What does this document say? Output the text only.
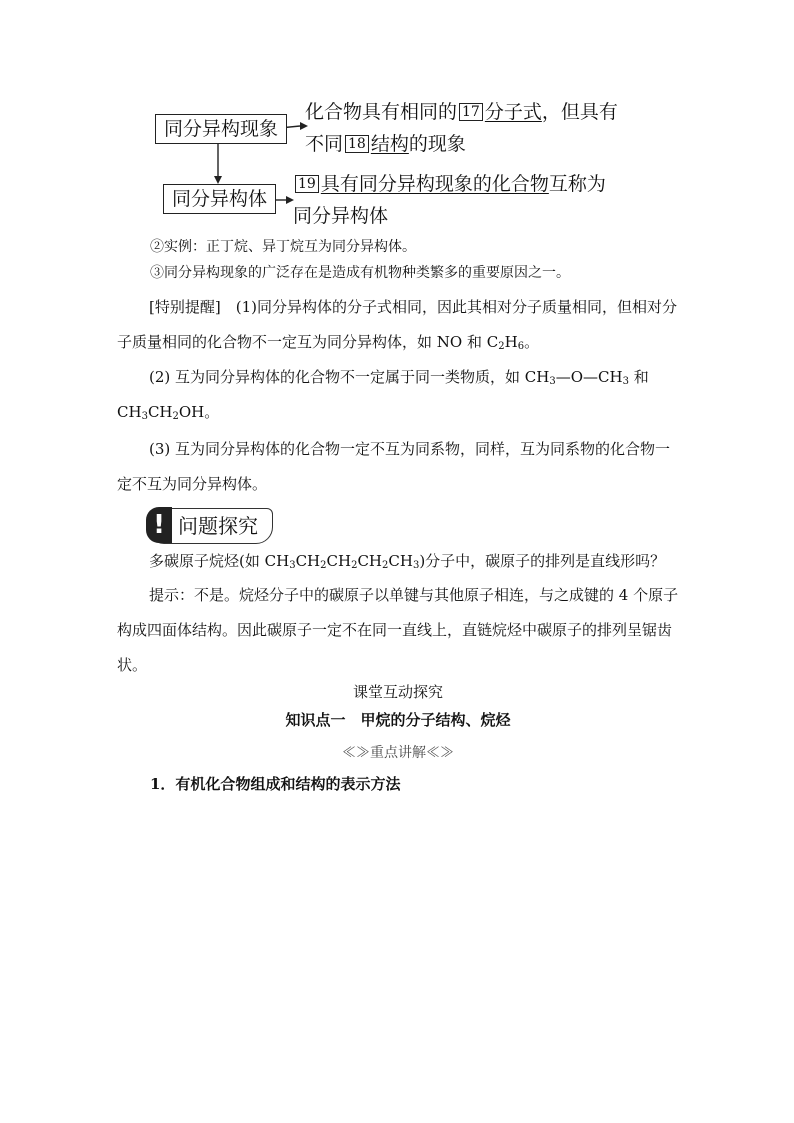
同分异构现象
同分异构体
化合物具有相同的 17 分子式，但具有
不同 18 结构的现象
19 具有同分异构现象的化合物互称为
同分异构体
②实例：正丁烷、异丁烷互为同分异构体。
③同分异构现象的广泛存在是造成有机物种类繁多的重要原因之一。
[特别提醒]　(1)同分异构体的分子式相同，因此其相对分子质量相同，但相对分子质量相同的化合物不一定互为同分异构体，如 NO 和 $C_2H_6$。
(2) 互为同分异构体的化合物不一定属于同一类物质，如 $CH_3—O—CH_3$ 和 $CH_3CH_2OH$。
(3) 互为同分异构体的化合物一定不互为同系物，同样，互为同系物的化合物一定不互为同分异构体。
! 问题探究
多碳原子烷烃(如 $CH_3CH_2CH_2CH_2CH_3$)分子中，碳原子的排列是直线形吗？
提示：不是。烷烃分子中的碳原子以单键与其他原子相连，与之成键的 4 个原子构成四面体结构。因此碳原子一定不在同一直线上，直链烷烃中碳原子的排列呈锯齿状。
课堂互动探究
知识点一　甲烷的分子结构、烷烃
≪≫重点讲解≪≫
1．有机化合物组成和结构的表示方法
